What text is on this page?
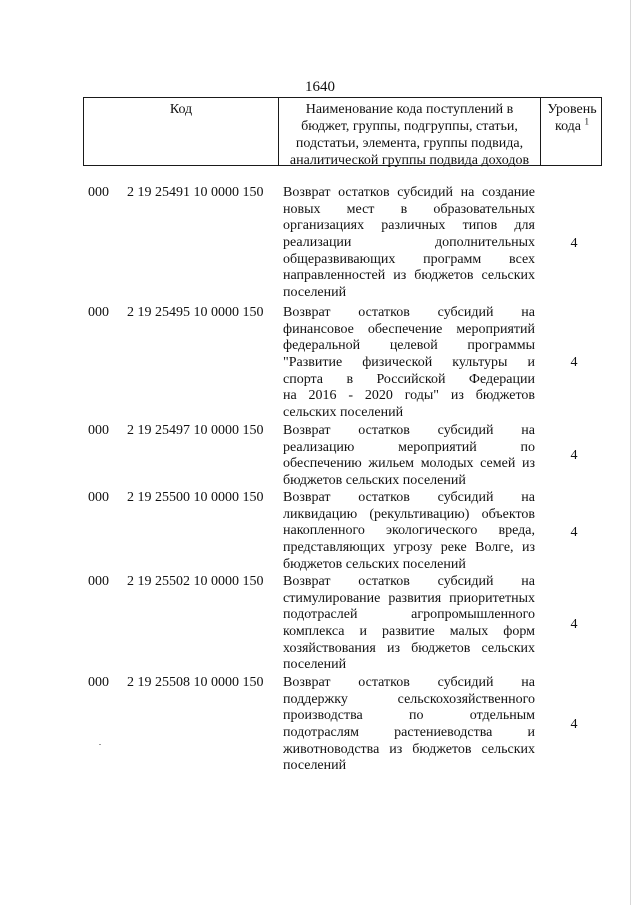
1640
Код	Наименование кода поступлений в
бюджет, группы, подгруппы, статьи,
подстатьи, элемента, группы подвида,
аналитической группы подвида доходов
Уровень
кода $^1$
000 2 19 25491 10 0000 150 Возврат остатков субсидий на создание
новых мест в образовательных
организациях различных типов для
реализации дополнительных
общеразвивающих программ всех
направленностей из бюджетов сельских
поселений
4
000 2 19 25495 10 0000 150 Возврат остатков субсидий на
финансовое обеспечение мероприятий
федеральной целевой программы
"Развитие физической культуры и
спорта в Российской Федерации
на 2016 - 2020 годы" из бюджетов
сельских поселений
4
000 2 19 25497 10 0000 150 Возврат остатков субсидий на
реализацию мероприятий по
обеспечению жильем молодых семей из
бюджетов сельских поселений
4
000 2 19 25500 10 0000 150 Возврат остатков субсидий на
ликвидацию (рекультивацию) объектов
накопленного экологического вреда,
представляющих угрозу реке Волге, из
бюджетов сельских поселений
4
000 2 19 25502 10 0000 150 Возврат остатков субсидий на
стимулирование развития приоритетных
подотраслей агропромышленного
комплекса и развитие малых форм
хозяйствования из бюджетов сельских
поселений
4
000 2 19 25508 10 0000 150 Возврат остатков субсидий на
поддержку сельскохозяйственного
производства по отдельным
подотраслям растениеводства и
животноводства из бюджетов сельских
поселений
4
